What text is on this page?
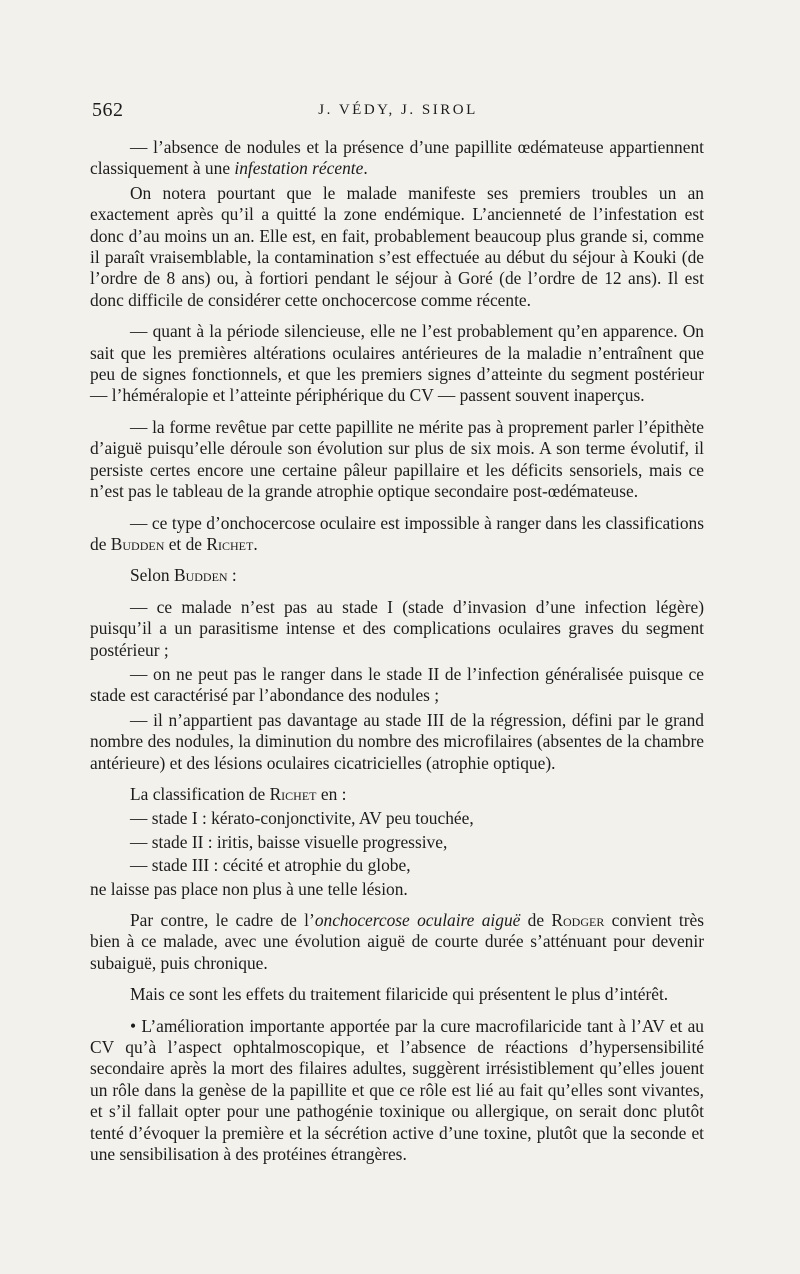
562	J. VÉDY, J. SIROL

— l’absence de nodules et la présence d’une papillite œdémateuse appartiennent classiquement à une infestation récente.

On notera pourtant que le malade manifeste ses premiers troubles un an exactement après qu’il a quitté la zone endémique. L’ancienneté de l’infestation est donc d’au moins un an. Elle est, en fait, probablement beaucoup plus grande si, comme il paraît vraisemblable, la contamination s’est effectuée au début du séjour à Kouki (de l’ordre de 8 ans) ou, à fortiori pendant le séjour à Goré (de l’ordre de 12 ans). Il est donc difficile de considérer cette onchocercose comme récente.

— quant à la période silencieuse, elle ne l’est probablement qu’en apparence. On sait que les premières altérations oculaires antérieures de la maladie n’entraînent que peu de signes fonctionnels, et que les premiers signes d’atteinte du segment postérieur — l’héméralopie et l’atteinte périphérique du CV — passent souvent inaperçus.

— la forme revêtue par cette papillite ne mérite pas à proprement parler l’épithète d’aiguë puisqu’elle déroule son évolution sur plus de six mois. A son terme évolutif, il persiste certes encore une certaine pâleur papillaire et les déficits sensoriels, mais ce n’est pas le tableau de la grande atrophie optique secondaire post-œdémateuse.

— ce type d’onchocercose oculaire est impossible à ranger dans les classifications de Budden et de Richet.

Selon Budden :

— ce malade n’est pas au stade I (stade d’invasion d’une infection légère) puisqu’il a un parasitisme intense et des complications oculaires graves du segment postérieur ;

— on ne peut pas le ranger dans le stade II de l’infection généralisée puisque ce stade est caractérisé par l’abondance des nodules ;

— il n’appartient pas davantage au stade III de la régression, défini par le grand nombre des nodules, la diminution du nombre des microfilaires (absentes de la chambre antérieure) et des lésions oculaires cicatricielles (atrophie optique).

La classification de Richet en :

— stade I : kérato-conjonctivite, AV peu touchée,

— stade II : iritis, baisse visuelle progressive,

— stade III : cécité et atrophie du globe,

ne laisse pas place non plus à une telle lésion.

Par contre, le cadre de l’onchocercose oculaire aiguë de Rodger convient très bien à ce malade, avec une évolution aiguë de courte durée s’atténuant pour devenir subaiguë, puis chronique.

Mais ce sont les effets du traitement filaricide qui présentent le plus d’intérêt.

• L’amélioration importante apportée par la cure macrofilaricide tant à l’AV et au CV qu’à l’aspect ophtalmoscopique, et l’absence de réactions d’hypersensibilité secondaire après la mort des filaires adultes, suggèrent irrésistiblement qu’elles jouent un rôle dans la genèse de la papillite et que ce rôle est lié au fait qu’elles sont vivantes, et s’il fallait opter pour une pathogénie toxinique ou allergique, on serait donc plutôt tenté d’évoquer la première et la sécrétion active d’une toxine, plutôt que la seconde et une sensibilisation à des protéines étrangères.
